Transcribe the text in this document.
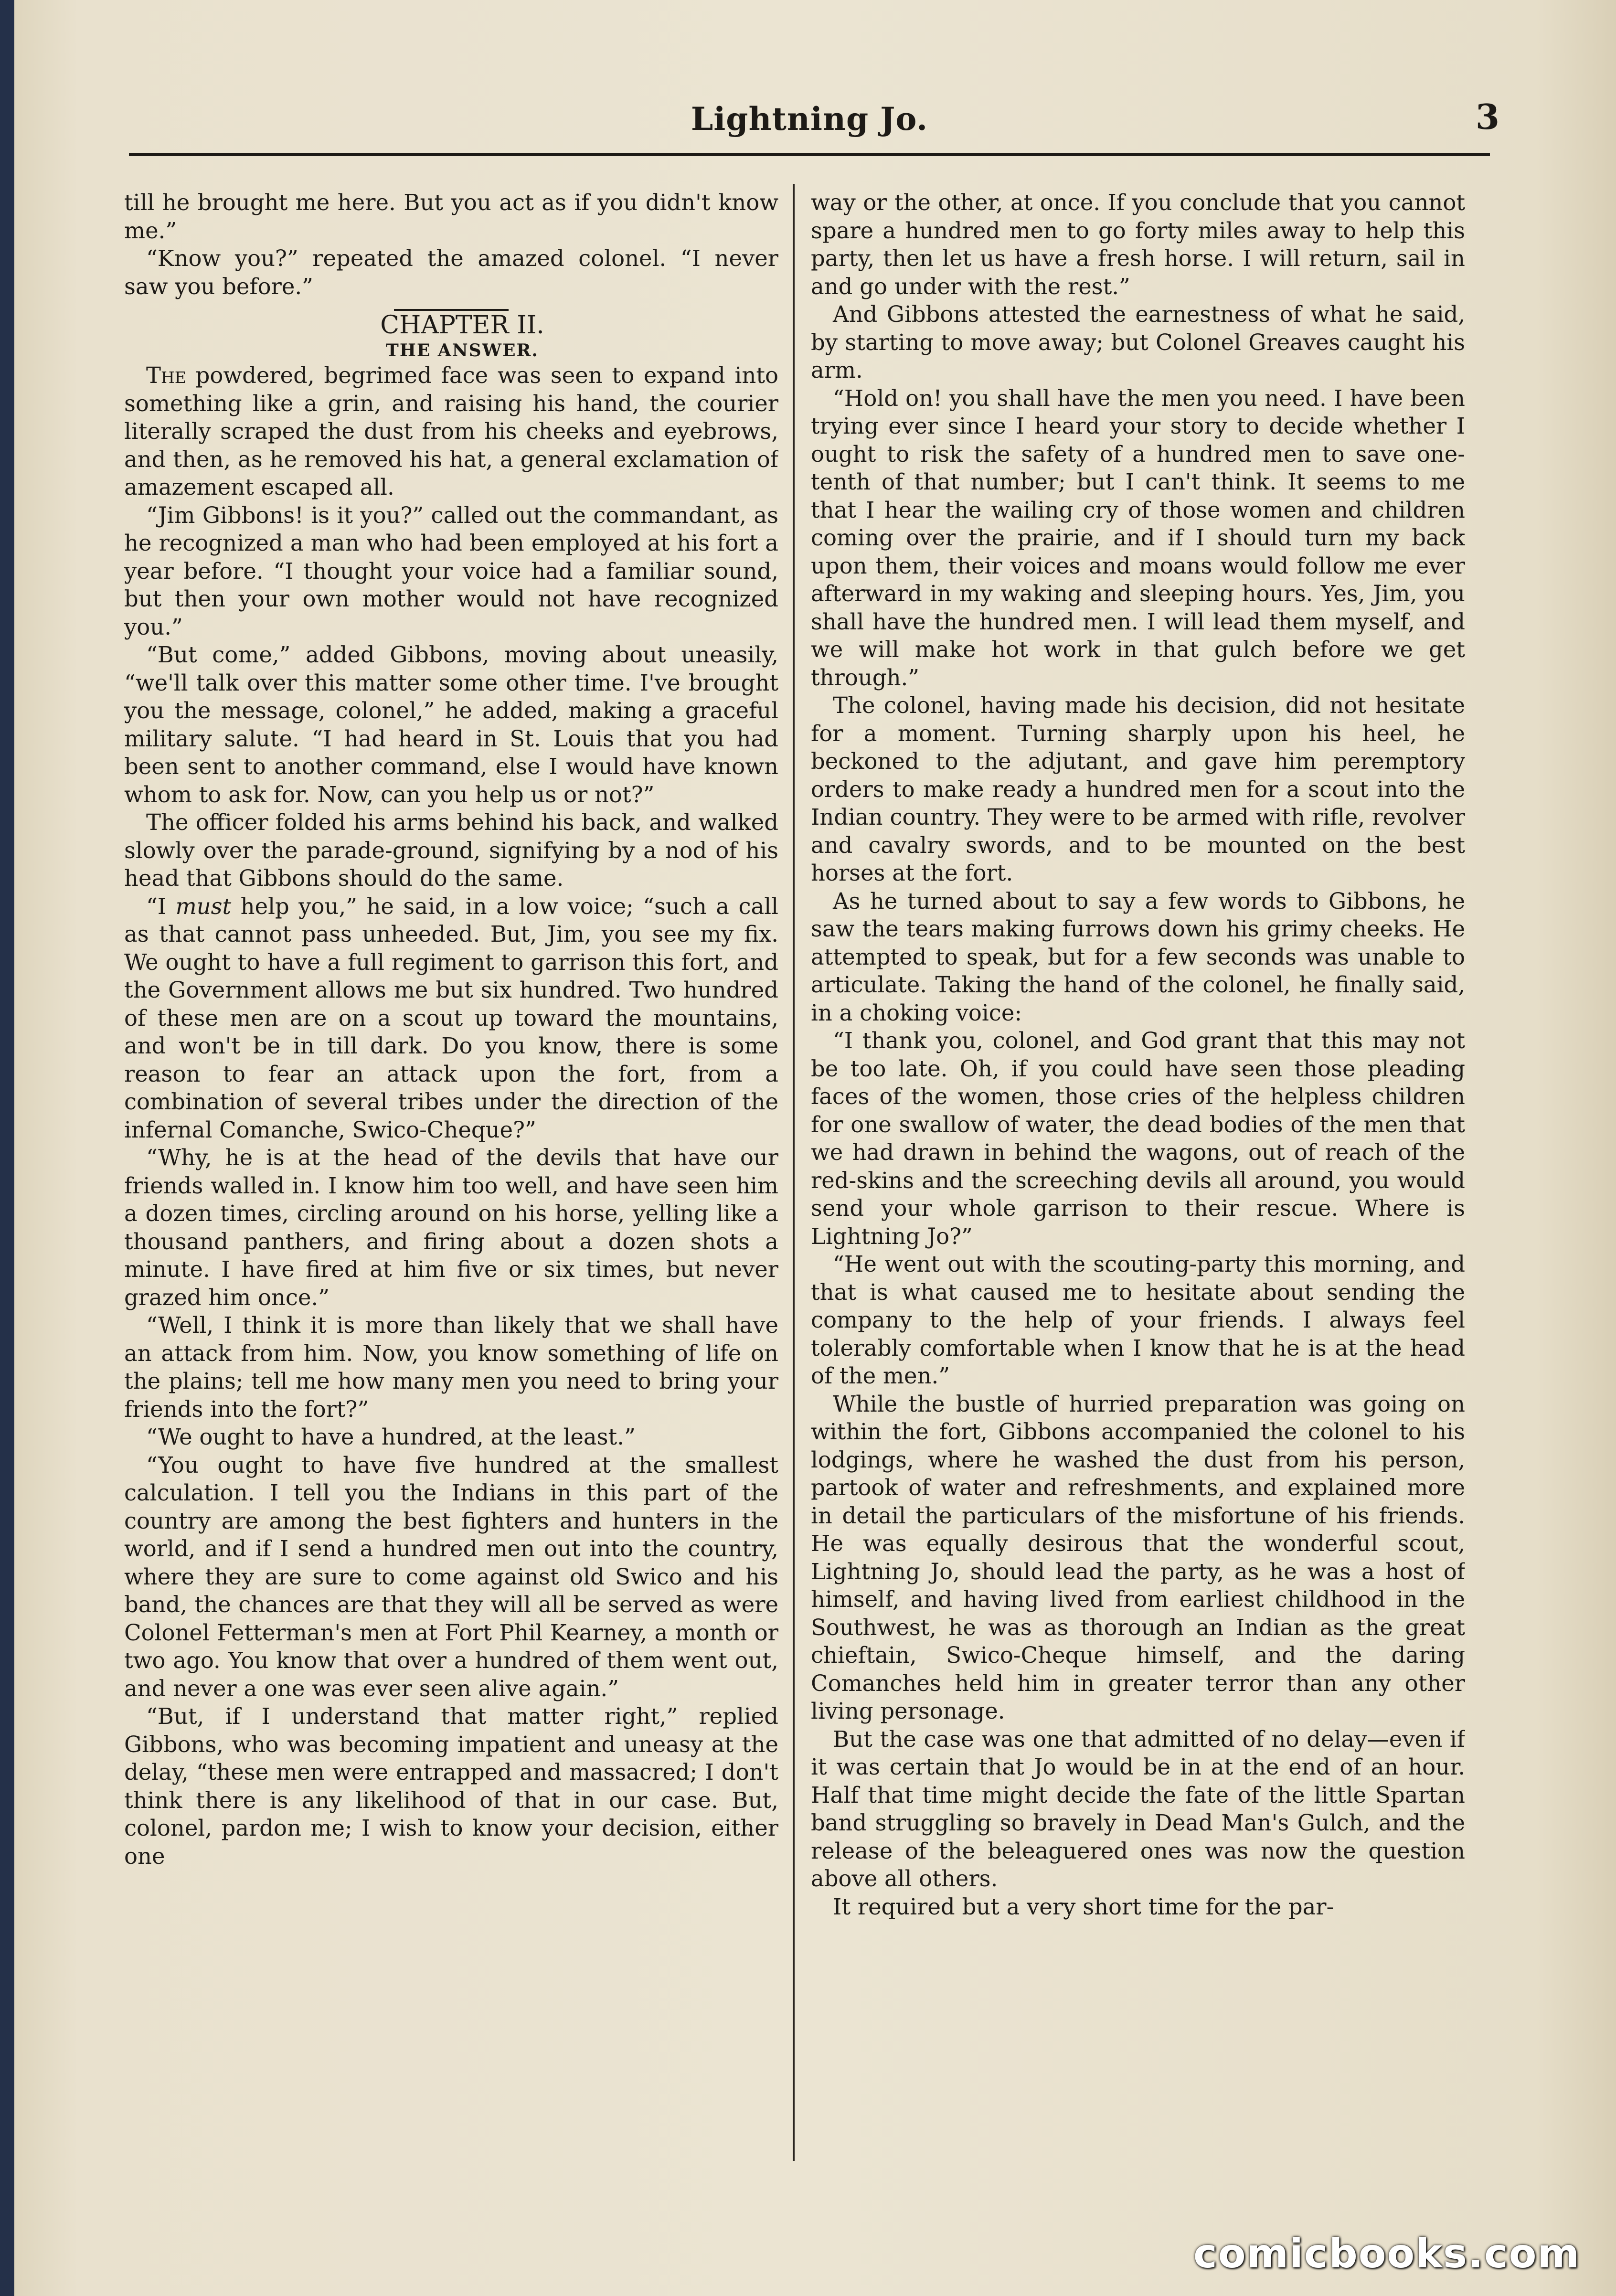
Lightning Jo.	3

till he brought me here. But you act as if you didn't know me.”

“Know you?” repeated the amazed colonel. “I never saw you before.”

CHAPTER II.

THE ANSWER.

The powdered, begrimed face was seen to expand into something like a grin, and raising his hand, the courier literally scraped the dust from his cheeks and eyebrows, and then, as he removed his hat, a general exclamation of amazement escaped all.

“Jim Gibbons! is it you?” called out the commandant, as he recognized a man who had been employed at his fort a year before. “I thought your voice had a familiar sound, but then your own mother would not have recognized you.”

“But come,” added Gibbons, moving about uneasily, “we'll talk over this matter some other time. I've brought you the message, colonel,” he added, making a graceful military salute. “I had heard in St. Louis that you had been sent to another command, else I would have known whom to ask for. Now, can you help us or not?”

The officer folded his arms behind his back, and walked slowly over the parade-ground, signifying by a nod of his head that Gibbons should do the same.

“I must help you,” he said, in a low voice; “such a call as that cannot pass unheeded. But, Jim, you see my fix. We ought to have a full regiment to garrison this fort, and the Government allows me but six hundred. Two hundred of these men are on a scout up toward the mountains, and won't be in till dark. Do you know, there is some reason to fear an attack upon the fort, from a combination of several tribes under the direction of the infernal Comanche, Swico-Cheque?”

“Why, he is at the head of the devils that have our friends walled in. I know him too well, and have seen him a dozen times, circling around on his horse, yelling like a thousand panthers, and firing about a dozen shots a minute. I have fired at him five or six times, but never grazed him once.”

“Well, I think it is more than likely that we shall have an attack from him. Now, you know something of life on the plains; tell me how many men you need to bring your friends into the fort?”

“We ought to have a hundred, at the least.”

“You ought to have five hundred at the smallest calculation. I tell you the Indians in this part of the country are among the best fighters and hunters in the world, and if I send a hundred men out into the country, where they are sure to come against old Swico and his band, the chances are that they will all be served as were Colonel Fetterman's men at Fort Phil Kearney, a month or two ago. You know that over a hundred of them went out, and never a one was ever seen alive again.”

“But, if I understand that matter right,” replied Gibbons, who was becoming impatient and uneasy at the delay, “these men were entrapped and massacred; I don't think there is any likelihood of that in our case. But, colonel, pardon me; I wish to know your decision, either one

way or the other, at once. If you conclude that you cannot spare a hundred men to go forty miles away to help this party, then let us have a fresh horse. I will return, sail in and go under with the rest.”

And Gibbons attested the earnestness of what he said, by starting to move away; but Colonel Greaves caught his arm.

“Hold on! you shall have the men you need. I have been trying ever since I heard your story to decide whether I ought to risk the safety of a hundred men to save one-tenth of that number; but I can't think. It seems to me that I hear the wailing cry of those women and children coming over the prairie, and if I should turn my back upon them, their voices and moans would follow me ever afterward in my waking and sleeping hours. Yes, Jim, you shall have the hundred men. I will lead them myself, and we will make hot work in that gulch before we get through.”

The colonel, having made his decision, did not hesitate for a moment. Turning sharply upon his heel, he beckoned to the adjutant, and gave him peremptory orders to make ready a hundred men for a scout into the Indian country. They were to be armed with rifle, revolver and cavalry swords, and to be mounted on the best horses at the fort.

As he turned about to say a few words to Gibbons, he saw the tears making furrows down his grimy cheeks. He attempted to speak, but for a few seconds was unable to articulate. Taking the hand of the colonel, he finally said, in a choking voice:

“I thank you, colonel, and God grant that this may not be too late. Oh, if you could have seen those pleading faces of the women, those cries of the helpless children for one swallow of water, the dead bodies of the men that we had drawn in behind the wagons, out of reach of the red-skins and the screeching devils all around, you would send your whole garrison to their rescue. Where is Lightning Jo?”

“He went out with the scouting-party this morning, and that is what caused me to hesitate about sending the company to the help of your friends. I always feel tolerably comfortable when I know that he is at the head of the men.”

While the bustle of hurried preparation was going on within the fort, Gibbons accompanied the colonel to his lodgings, where he washed the dust from his person, partook of water and refreshments, and explained more in detail the particulars of the misfortune of his friends. He was equally desirous that the wonderful scout, Lightning Jo, should lead the party, as he was a host of himself, and having lived from earliest childhood in the Southwest, he was as thorough an Indian as the great chieftain, Swico-Cheque himself, and the daring Comanches held him in greater terror than any other living personage.

But the case was one that admitted of no delay—even if it was certain that Jo would be in at the end of an hour. Half that time might decide the fate of the little Spartan band struggling so bravely in Dead Man's Gulch, and the release of the beleaguered ones was now the question above all others.

It required but a very short time for the par-

comicbooks.com
